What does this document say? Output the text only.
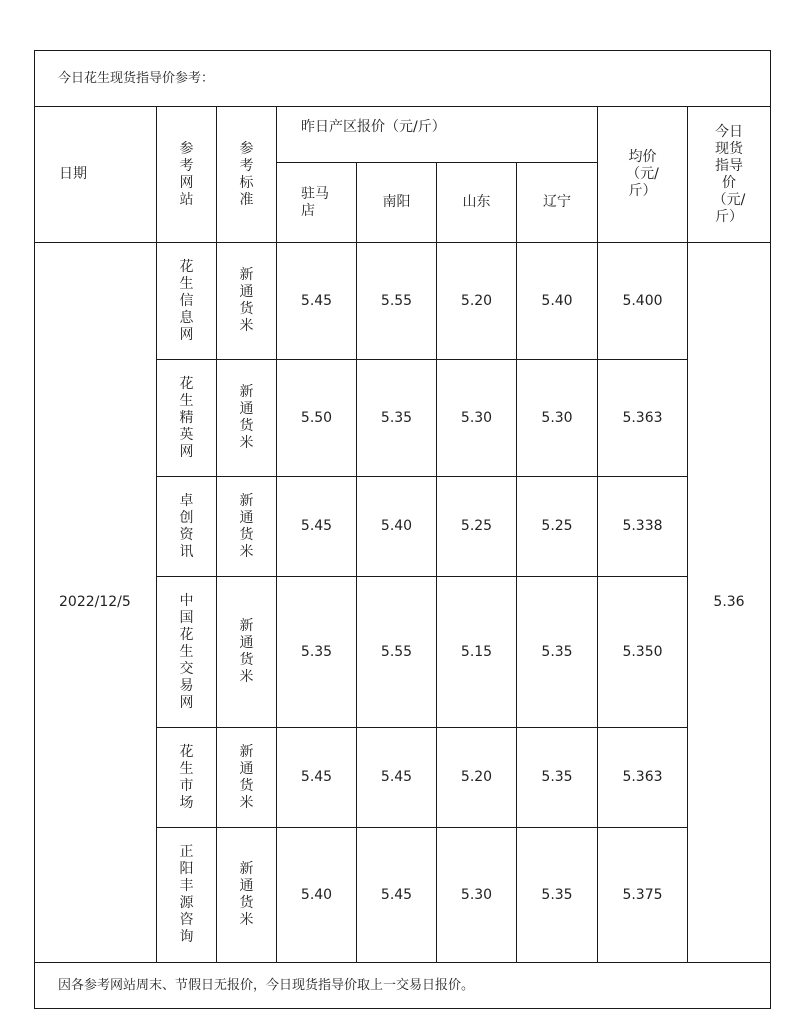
今日花生现货指导价参考：								
日期	参考网站	参考标准	昨日产区报价（元/斤）				均价（元/斤）	今日现货指导价（元/斤）
			驻马店	南阳	山东	辽宁		
2022/12/5	花生信息网	新通货米	5.45	5.55	5.20	5.40	5.400	5.36
	花生精英网	新通货米	5.50	5.35	5.30	5.30	5.363	
	卓创资讯	新通货米	5.45	5.40	5.25	5.25	5.338	
	中国花生交易网	新通货米	5.35	5.55	5.15	5.35	5.350	
	花生市场	新通货米	5.45	5.45	5.20	5.35	5.363	
	正阳丰源咨询	新通货米	5.40	5.45	5.30	5.35	5.375	
因各参考网站周末、节假日无报价，今日现货指导价取上一交易日报价。								
